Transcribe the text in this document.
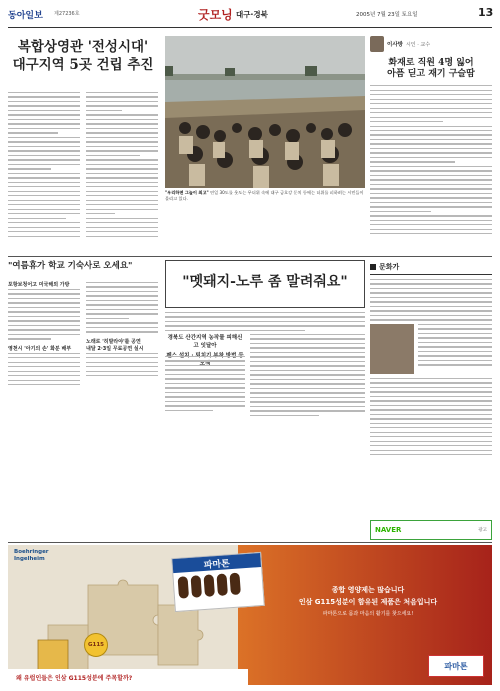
동아일보 제27236호	굿모닝 대구·경북	2005년 7월 23일 토요일	13
복합상영관 '전성시대'
대구지역 5곳 건립 추진
"우리하면 그늘이 최고" 연일 30도를 웃도는 무더위 속에 대구 금호강 둔치 등에는 더위를 피하려는 시민들이 몰리고 있다.
이사방 시인 · 교수
화재로 직원 4명 잃어
아픔 딛고 재기 구슬땀
"여름휴가 학교 기숙사로 오세요"
포항보청어고 미국해외 가방
영천시 '아기의 손' 화분 배부
노래로 '히말라야'를 공연
내달 2·3일 무료공연 실시
"멧돼지-노루 좀 말려줘요"
경북도 산간지역 농작물 피해신고 잇달아
문화가
NAVER	광고
Boehringer
Ingelheim	파마톤
G115
종합 영양제는 많습니다
인삼 G115성분이 함유된 제품은 처음입니다
파마톤으로 몸과 마음의 활기를 찾으세요!
파마톤
왜 유럽인들은 인삼 G115성분에 주목할까?
